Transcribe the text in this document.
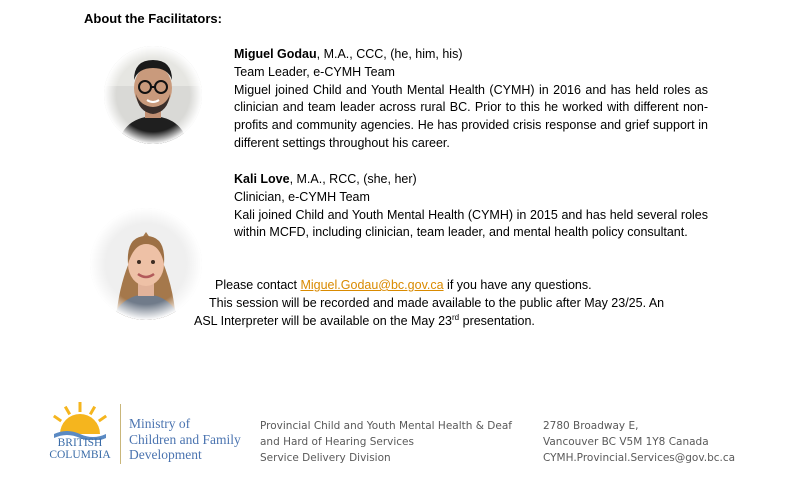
About the Facilitators:

Miguel Godau, M.A., CCC, (he, him, his)

Team Leader, e-CYMH Team

Miguel joined Child and Youth Mental Health (CYMH) in 2016 and has held roles as clinician and team leader across rural BC. Prior to this he worked with different non-profits and community agencies. He has provided crisis response and grief support in different settings throughout his career.

Kali Love, M.A., RCC, (she, her)

Clinician, e-CYMH Team

Kali joined Child and Youth Mental Health (CYMH) in 2015 and has held several roles within MCFD, including clinician, team leader, and mental health policy consultant.

Please contact Miguel.Godau@bc.gov.ca if you have any questions.
This session will be recorded and made available to the public after May 23/25. An
ASL Interpreter will be available on the May 23rd presentation.
BRITISH
COLUMBIA
Ministry of
Children and Family
Development
Provincial Child and Youth Mental Health & Deaf
and Hard of Hearing Services
Service Delivery Division
2780 Broadway E,
Vancouver BC V5M 1Y8 Canada
CYMH.Provincial.Services@gov.bc.ca
